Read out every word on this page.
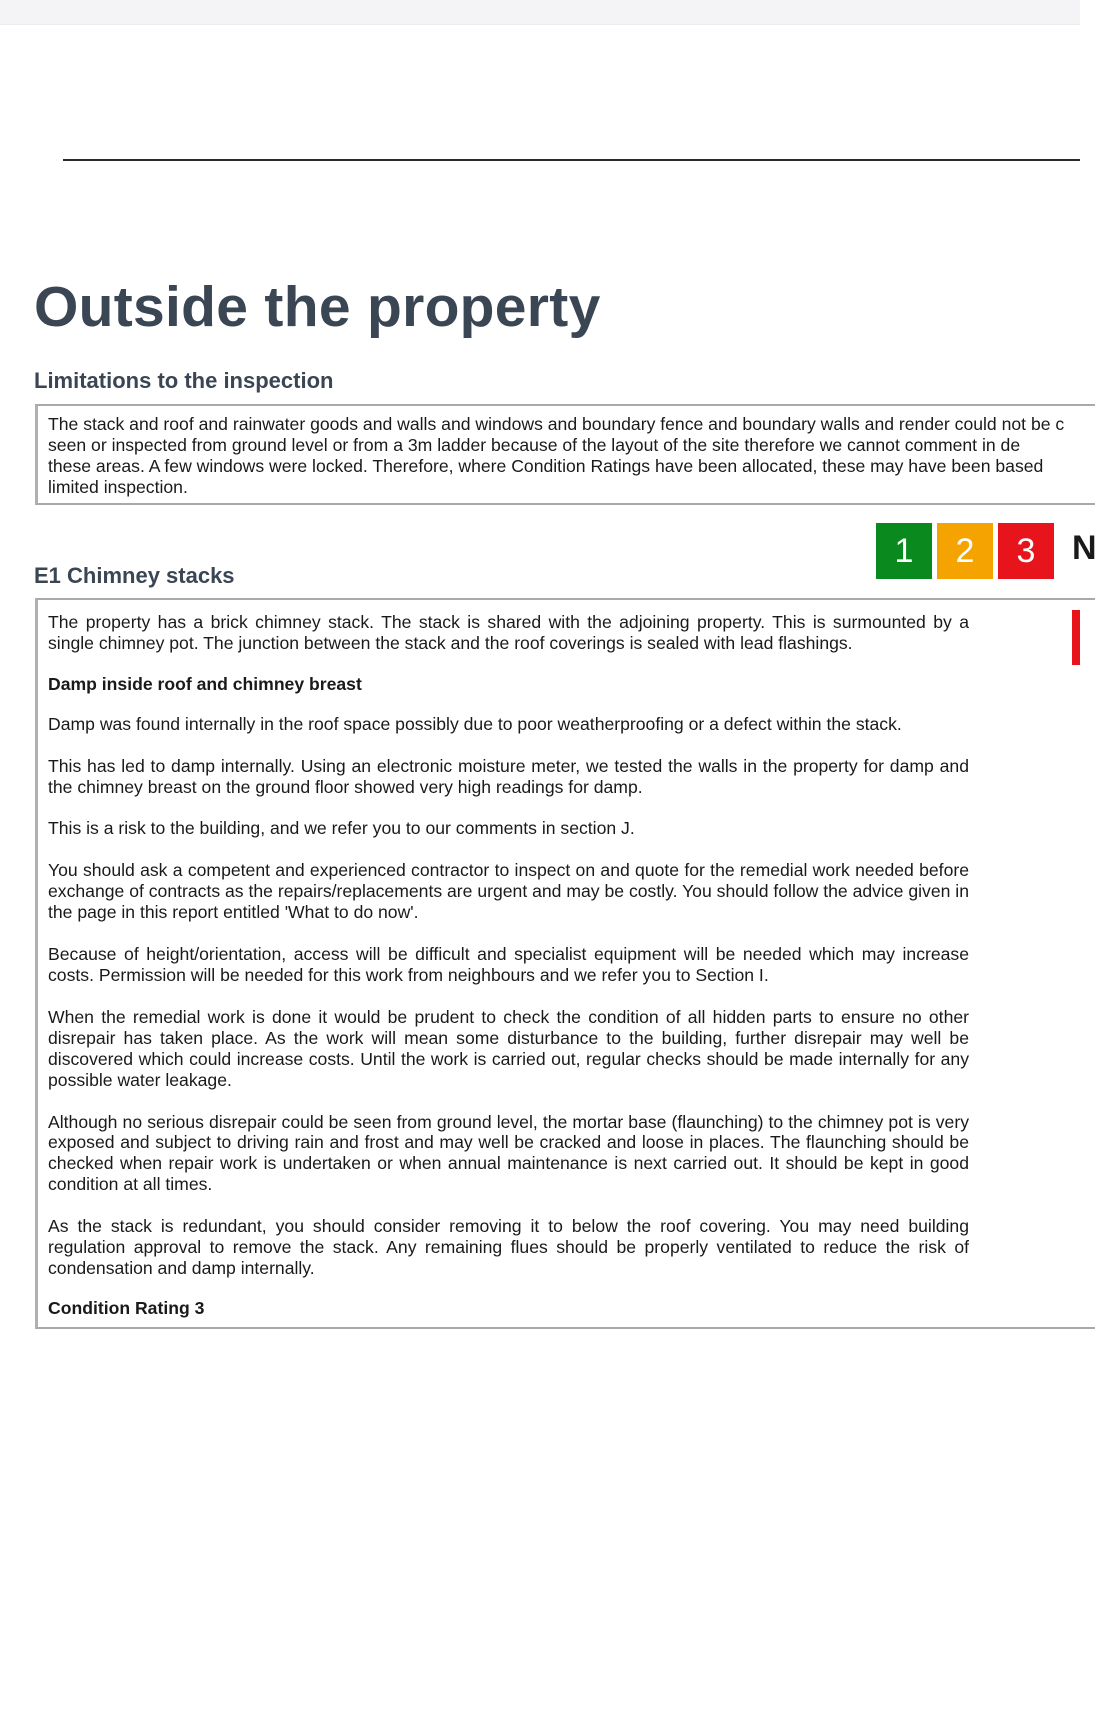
Outside the property
Limitations to the inspection

The stack and roof and rainwater goods and walls and windows and boundary fence and boundary walls and render could not be c

seen or inspected from ground level or from a 3m ladder because of the layout of the site therefore we cannot comment in de

these areas. A few windows were locked. Therefore, where Condition Ratings have been allocated, these may have been based

limited inspection.

1 2 3 N
E1 Chimney stacks

The property has a brick chimney stack. The stack is shared with the adjoining property. This is surmounted by a single chimney pot. The junction between the stack and the roof coverings is sealed with lead flashings.

Damp inside roof and chimney breast

Damp was found internally in the roof space possibly due to poor weatherproofing or a defect within the stack.

This has led to damp internally. Using an electronic moisture meter, we tested the walls in the property for damp and the chimney breast on the ground floor showed very high readings for damp.

This is a risk to the building, and we refer you to our comments in section J.

You should ask a competent and experienced contractor to inspect on and quote for the remedial work needed before exchange of contracts as the repairs/replacements are urgent and may be costly. You should follow the advice given in the page in this report entitled 'What to do now'.

Because of height/orientation, access will be difficult and specialist equipment will be needed which may increase costs. Permission will be needed for this work from neighbours and we refer you to Section I.

When the remedial work is done it would be prudent to check the condition of all hidden parts to ensure no other disrepair has taken place. As the work will mean some disturbance to the building, further disrepair may well be discovered which could increase costs. Until the work is carried out, regular checks should be made internally for any possible water leakage.

Although no serious disrepair could be seen from ground level, the mortar base (flaunching) to the chimney pot is very exposed and subject to driving rain and frost and may well be cracked and loose in places. The flaunching should be checked when repair work is undertaken or when annual maintenance is next carried out. It should be kept in good condition at all times.

As the stack is redundant, you should consider removing it to below the roof covering. You may need building regulation approval to remove the stack. Any remaining flues should be properly ventilated to reduce the risk of condensation and damp internally.

Condition Rating 3
